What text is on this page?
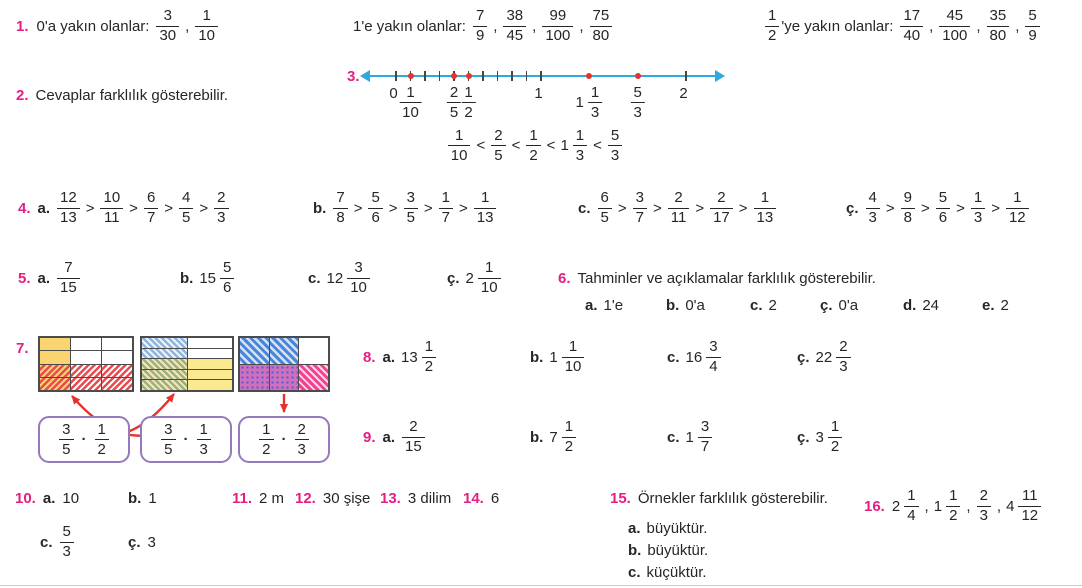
1. 0'a yakın olanlar: $\frac{3}{30}$ , $\frac{1}{10}$	1'e yakın olanlar: $\frac{7}{9}$ , $\frac{38}{45}$ , $\frac{99}{100}$ , $\frac{75}{80}$	$\frac{1}{2}$ 'ye yakın olanlar: $\frac{17}{40}$ , $\frac{45}{100}$ , $\frac{35}{80}$ , $\frac{5}{9}$
2. Cevaplar farklılık gösterebilir.
3.
$0 \frac{1}{10} \frac{2}{5} \frac{1}{2}$	1
$1 \frac{1}{3} \frac{5}{3} 2$
$\frac{1}{10} < \frac{2}{5} < \frac{1}{2} < 1 \frac{1}{3} < \frac{5}{3}$
4. a. $\frac{12}{13} > \frac{10}{11} > \frac{6}{7} > \frac{4}{5} > \frac{2}{3}$	b. $\frac{7}{8} > \frac{5}{6} > \frac{3}{5} > \frac{1}{7} > \frac{1}{13}$	c. $\frac{6}{5} > \frac{3}{7} > \frac{2}{11} > \frac{2}{17} > \frac{1}{13}$	ç. $\frac{4}{3} > \frac{9}{8} > \frac{5}{6} > \frac{1}{3} > \frac{1}{12}$
5. a. $\frac{7}{15}$	b. $15 \frac{5}{6}$	c. $12 \frac{3}{10}$	ç. $2 \frac{1}{10}$	6. Tahminler ve açıklamalar farklılık gösterebilir.
a. 1'e	b. 0'a	c. 2	ç. 0'a	d. 24	e. 2
7.
$\frac{3}{5} \cdot \frac{1}{2}$	$\frac{3}{5} \cdot \frac{1}{3}$	$\frac{1}{2} \cdot \frac{2}{3}$
8. a. $13 \frac{1}{2}$	b. $1 \frac{1}{10}$	c. $16 \frac{3}{4}$	ç. $22 \frac{2}{3}$
9. a. $\frac{2}{15}$	b. $7 \frac{1}{2}$	c. $1 \frac{3}{7}$	ç. $3 \frac{1}{2}$
10. a. 10	b. 1
c. $\frac{5}{3}$	ç. 3
11. 2 m 12. 30 şişe 13. 3 dilim 14. 6	15. Örnekler farklılık gösterebilir.
a. büyüktür.
b. büyüktür.
c. küçüktür.
16. $2 \frac{1}{4}$ , $1 \frac{1}{2}$ , $\frac{2}{3}$ , $4 \frac{11}{12}$
